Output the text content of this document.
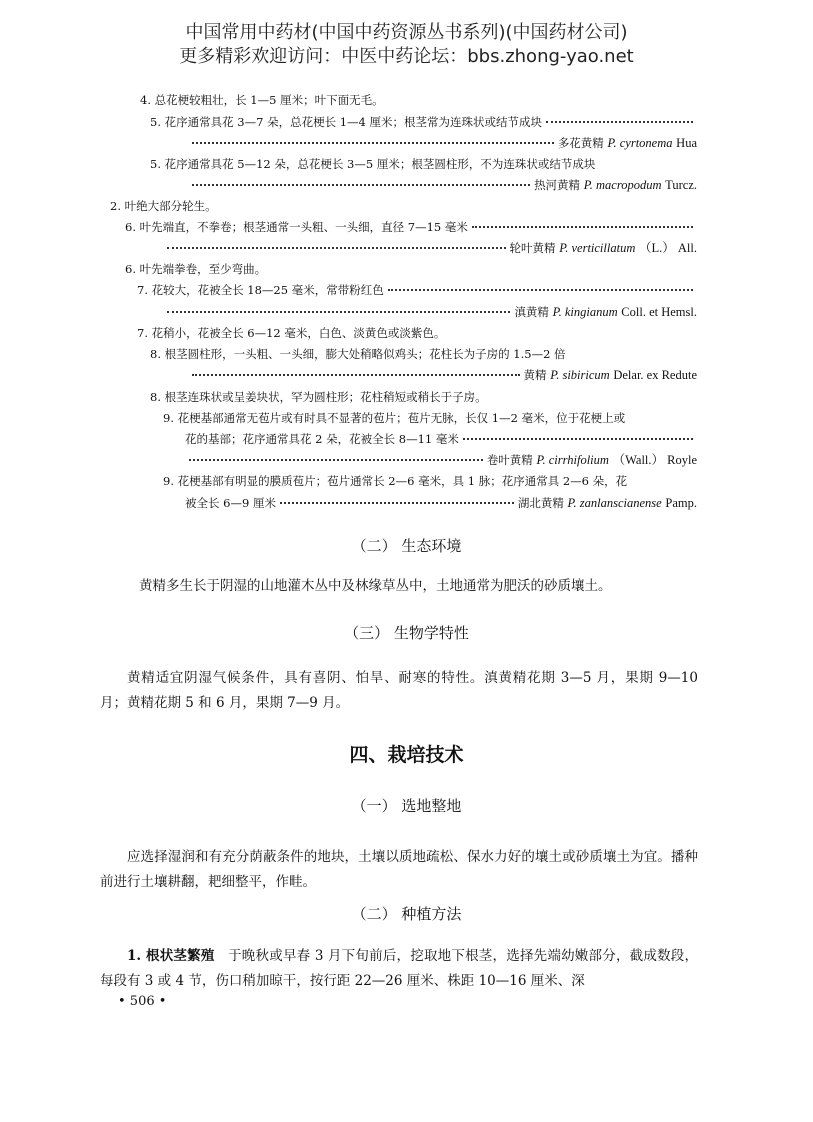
中国常用中药材(中国中药资源丛书系列)(中国药材公司)
更多精彩欢迎访问：中医中药论坛：bbs.zhong-yao.net
4. 总花梗较粗壮，长 1—5 厘米；叶下面无毛。
5. 花序通常具花 3—7 朵，总花梗长 1—4 厘米；根茎常为连珠状或结节成块
多花黄精
P. cyrtonema
Hua
5. 花序通常具花 5—12 朵，总花梗长 3—5 厘米；根茎圆柱形，不为连珠状或结节成块
热河黄精
P. macropodum
Turcz.
2. 叶绝大部分轮生。
6. 叶先端直，不拳卷；根茎通常一头粗、一头细，直径 7—15 毫米
轮叶黄精
P. verticillatum
（L.） All.
6. 叶先端拳卷，至少弯曲。
7. 花较大，花被全长 18—25 毫米，常带粉红色
滇黄精
P. kingianum
Coll. et Hemsl.
7. 花稍小，花被全长 6—12 毫米，白色、淡黄色或淡紫色。
8. 根茎圆柱形，一头粗、一头细，膨大处稍略似鸡头；花柱长为子房的 1.5—2 倍
黄精
P. sibiricum
Delar. ex Redute
8. 根茎连珠状或呈姜块状，罕为圆柱形；花柱稍短或稍长于子房。
9. 花梗基部通常无苞片或有时具不显著的苞片；苞片无脉，长仅 1—2 毫米，位于花梗上或
花的基部；花序通常具花 2 朵，花被全长 8—11 毫米
卷叶黄精
P. cirrhifolium
（Wall.） Royle
9. 花梗基部有明显的膜质苞片；苞片通常长 2—6 毫米，具 1 脉；花序通常具 2—6 朵，花
被全长 6—9 厘米	湖北黄精
P. zanlanscianense
Pamp.
（二） 生态环境
黄精多生长于阴湿的山地灌木丛中及林缘草丛中，土地通常为肥沃的砂质壤土。
（三） 生物学特性
黄精适宜阴湿气候条件，具有喜阴、怕旱、耐寒的特性。滇黄精花期 3—5 月，果期 9—10 月；黄精花期 5 和 6 月，果期 7—9 月。
四、栽培技术
（一） 选地整地
应选择湿润和有充分荫蔽条件的地块，土壤以质地疏松、保水力好的壤土或砂质壤土为宜。播种前进行土壤耕翻，耙细整平，作畦。
（二） 种植方法
1. 根状茎繁殖 于晚秋或早春 3 月下旬前后，挖取地下根茎，选择先端幼嫩部分，截成数段，每段有 3 或 4 节，伤口稍加晾干，按行距 22—26 厘米、株距 10—16 厘米、深
• 506 •
